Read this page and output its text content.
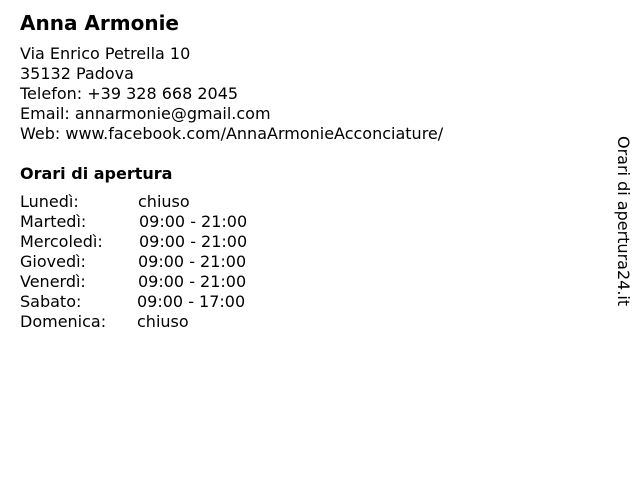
Anna Armonie
Via Enrico Petrella 10
35132 Padova
Telefon: +39 328 668 2045
Email: annarmonie@gmail.com
Web: www.facebook.com/AnnaArmonieAcconciature/
Orari di apertura
Lunedì:	chiuso
Martedì:	09:00 - 21:00
Mercoledì: 09:00 - 21:00
Giovedì:	09:00 - 21:00
Venerdì:	09:00 - 21:00
Sabato:	09:00 - 17:00
Domenica: chiuso
Orari di apertura24.it
